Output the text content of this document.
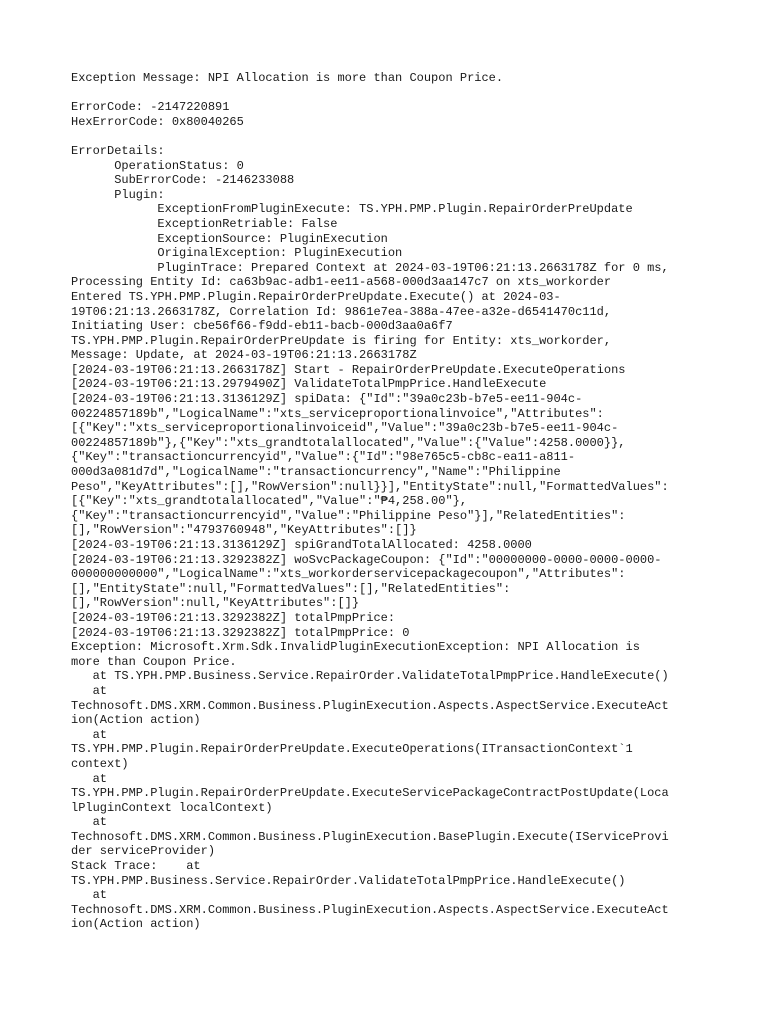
Exception Message: NPI Allocation is more than Coupon Price.
ErrorCode: -2147220891
HexErrorCode: 0x80040265
ErrorDetails:
OperationStatus: 0
SubErrorCode: -2146233088
Plugin:
ExceptionFromPluginExecute: TS.YPH.PMP.Plugin.RepairOrderPreUpdate
ExceptionRetriable: False
ExceptionSource: PluginExecution
OriginalException: PluginExecution
PluginTrace: Prepared Context at 2024-03-19T06:21:13.2663178Z for 0 ms,
Processing Entity Id: ca63b9ac-adb1-ee11-a568-000d3aa147c7 on xts_workorder
Entered TS.YPH.PMP.Plugin.RepairOrderPreUpdate.Execute() at 2024-03-
19T06:21:13.2663178Z, Correlation Id: 9861e7ea-388a-47ee-a32e-d6541470c11d,
Initiating User: cbe56f66-f9dd-eb11-bacb-000d3aa0a6f7
TS.YPH.PMP.Plugin.RepairOrderPreUpdate is firing for Entity: xts_workorder,
Message: Update, at 2024-03-19T06:21:13.2663178Z
[2024-03-19T06:21:13.2663178Z] Start - RepairOrderPreUpdate.ExecuteOperations
[2024-03-19T06:21:13.2979490Z] ValidateTotalPmpPrice.HandleExecute
[2024-03-19T06:21:13.3136129Z] spiData: {"Id":"39a0c23b-b7e5-ee11-904c-
00224857189b","LogicalName":"xts_serviceproportionalinvoice","Attributes":
[{"Key":"xts_serviceproportionalinvoiceid","Value":"39a0c23b-b7e5-ee11-904c-
00224857189b"},{"Key":"xts_grandtotalallocated","Value":{"Value":4258.0000}},
{"Key":"transactioncurrencyid","Value":{"Id":"98e765c5-cb8c-ea11-a811-
000d3a081d7d","LogicalName":"transactioncurrency","Name":"Philippine
Peso","KeyAttributes":[],"RowVersion":null}}],"EntityState":null,"FormattedValues":
[{"Key":"xts_grandtotalallocated","Value":"₱4,258.00"},
{"Key":"transactioncurrencyid","Value":"Philippine Peso"}],"RelatedEntities":
[],"RowVersion":"4793760948","KeyAttributes":[]}
[2024-03-19T06:21:13.3136129Z] spiGrandTotalAllocated: 4258.0000
[2024-03-19T06:21:13.3292382Z] woSvcPackageCoupon: {"Id":"00000000-0000-0000-0000-
000000000000","LogicalName":"xts_workorderservicepackagecoupon","Attributes":
[],"EntityState":null,"FormattedValues":[],"RelatedEntities":
[],"RowVersion":null,"KeyAttributes":[]}
[2024-03-19T06:21:13.3292382Z] totalPmpPrice:
[2024-03-19T06:21:13.3292382Z] totalPmpPrice: 0
Exception: Microsoft.Xrm.Sdk.InvalidPluginExecutionException: NPI Allocation is
more than Coupon Price.
at TS.YPH.PMP.Business.Service.RepairOrder.ValidateTotalPmpPrice.HandleExecute()
at
Technosoft.DMS.XRM.Common.Business.PluginExecution.Aspects.AspectService.ExecuteAct
ion(Action action)
at
TS.YPH.PMP.Plugin.RepairOrderPreUpdate.ExecuteOperations(ITransactionContext`1
context)
at
TS.YPH.PMP.Plugin.RepairOrderPreUpdate.ExecuteServicePackageContractPostUpdate(Loca
lPluginContext localContext)
at
Technosoft.DMS.XRM.Common.Business.PluginExecution.BasePlugin.Execute(IServiceProvi
der serviceProvider)
Stack Trace:    at
TS.YPH.PMP.Business.Service.RepairOrder.ValidateTotalPmpPrice.HandleExecute()
at
Technosoft.DMS.XRM.Common.Business.PluginExecution.Aspects.AspectService.ExecuteAct
ion(Action action)
